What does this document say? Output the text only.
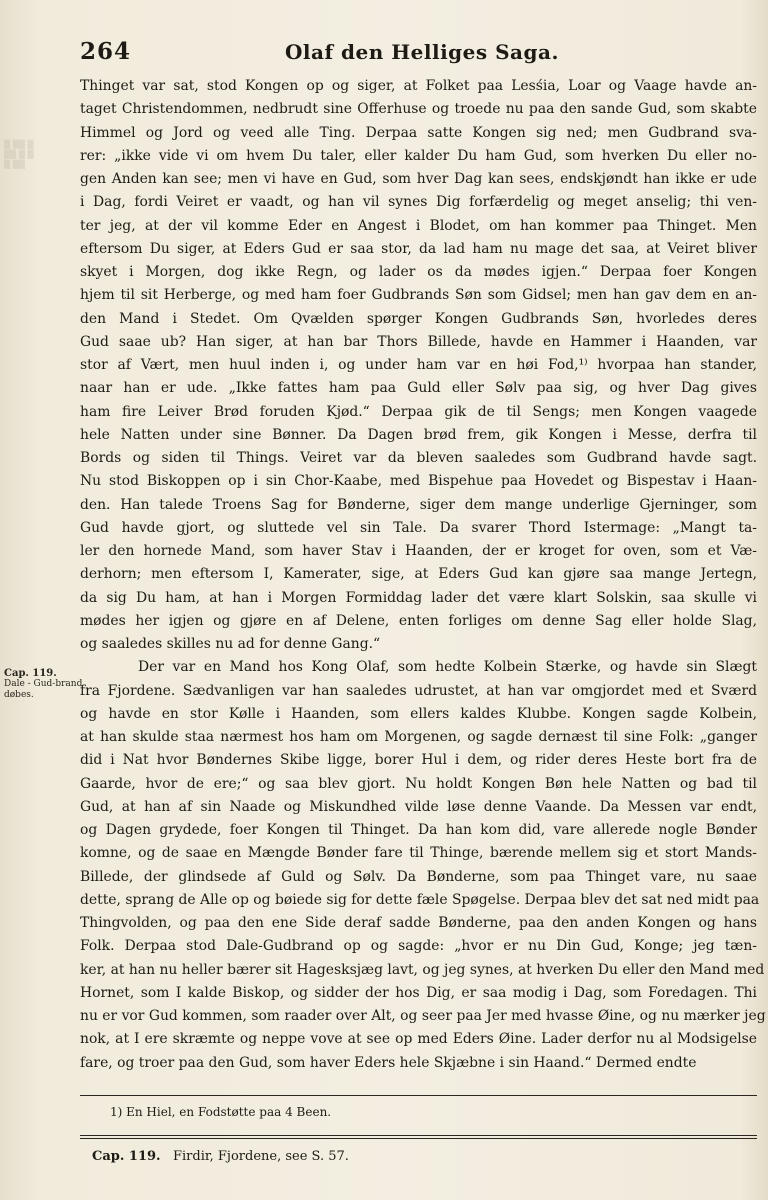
▒ ▒▒ ▒
▒▒ ▒ ▒
▒ ▒▒
264	Olaf den Helliges Saga.
Cap. 119.
Dale - Gud-brand døbes.
Thinget var sat, stod Kongen op og siger, at Folket paa Lesśia, Loar og Vaage havde an-
taget Christendommen, nedbrudt sine Offerhuse og troede nu paa den sande Gud, som skabte
Himmel og Jord og veed alle Ting. Derpaa satte Kongen sig ned; men Gudbrand sva-
rer: „ikke vide vi om hvem Du taler, eller kalder Du ham Gud, som hverken Du eller no-
gen Anden kan see; men vi have en Gud, som hver Dag kan sees, endskjøndt han ikke er ude
i Dag, fordi Veiret er vaadt, og han vil synes Dig forfærdelig og meget anselig; thi ven-
ter jeg, at der vil komme Eder en Angest i Blodet, om han kommer paa Thinget. Men
eftersom Du siger, at Eders Gud er saa stor, da lad ham nu mage det saa, at Veiret bliver
skyet i Morgen, dog ikke Regn, og lader os da mødes igjen.“ Derpaa foer Kongen
hjem til sit Herberge, og med ham foer Gudbrands Søn som Gidsel; men han gav dem en an-
den Mand i Stedet. Om Qvælden spørger Kongen Gudbrands Søn, hvorledes deres
Gud saae ub? Han siger, at han bar Thors Billede, havde en Hammer i Haanden, var
stor af Vært, men huul inden i, og under ham var en høi Fod,¹⁾ hvorpaa han stander,
naar han er ude. „Ikke fattes ham paa Guld eller Sølv paa sig, og hver Dag gives
ham fire Leiver Brød foruden Kjød.“ Derpaa gik de til Sengs; men Kongen vaagede
hele Natten under sine Bønner. Da Dagen brød frem, gik Kongen i Messe, derfra til
Bords og siden til Things. Veiret var da bleven saaledes som Gudbrand havde sagt.
Nu stod Biskoppen op i sin Chor-Kaabe, med Bispehue paa Hovedet og Bispestav i Haan-
den. Han talede Troens Sag for Bønderne, siger dem mange underlige Gjerninger, som
Gud havde gjort, og sluttede vel sin Tale. Da svarer Thord Istermage: „Mangt ta-
ler den hornede Mand, som haver Stav i Haanden, der er kroget for oven, som et Væ-
derhorn; men eftersom I, Kamerater, sige, at Eders Gud kan gjøre saa mange Jertegn,
da sig Du ham, at han i Morgen Formiddag lader det være klart Solskin, saa skulle vi
mødes her igjen og gjøre en af Delene, enten forliges om denne Sag eller holde Slag,
og saaledes skilles nu ad for denne Gang.“
Der var en Mand hos Kong Olaf, som hedte Kolbein Stærke, og havde sin Slægt
fra Fjordene. Sædvanligen var han saaledes udrustet, at han var omgjordet med et Sværd
og havde en stor Kølle i Haanden, som ellers kaldes Klubbe. Kongen sagde Kolbein,
at han skulde staa nærmest hos ham om Morgenen, og sagde dernæst til sine Folk: „ganger
did i Nat hvor Bøndernes Skibe ligge, borer Hul i dem, og rider deres Heste bort fra de
Gaarde, hvor de ere;“ og saa blev gjort. Nu holdt Kongen Bøn hele Natten og bad til
Gud, at han af sin Naade og Miskundhed vilde løse denne Vaande. Da Messen var endt,
og Dagen grydede, foer Kongen til Thinget. Da han kom did, vare allerede nogle Bønder
komne, og de saae en Mængde Bønder fare til Thinge, bærende mellem sig et stort Mands-
Billede, der glindsede af Guld og Sølv. Da Bønderne, som paa Thinget vare, nu saae
dette, sprang de Alle op og bøiede sig for dette fæle Spøgelse. Derpaa blev det sat ned midt paa
Thingvolden, og paa den ene Side deraf sadde Bønderne, paa den anden Kongen og hans
Folk. Derpaa stod Dale-Gudbrand op og sagde: „hvor er nu Din Gud, Konge; jeg tæn-
ker, at han nu heller bærer sit Hagesksjæg lavt, og jeg synes, at hverken Du eller den Mand med
Hornet, som I kalde Biskop, og sidder der hos Dig, er saa modig i Dag, som Foredagen. Thi
nu er vor Gud kommen, som raader over Alt, og seer paa Jer med hvasse Øine, og nu mærker jeg
nok, at I ere skræmte og neppe vove at see op med Eders Øine. Lader derfor nu al Modsigelse
fare, og troer paa den Gud, som haver Eders hele Skjæbne i sin Haand.“ Dermed endte
1) En Hiel, en Fodstøtte paa 4 Been.
Cap. 119. Firdir, Fjordene, see S. 57.
